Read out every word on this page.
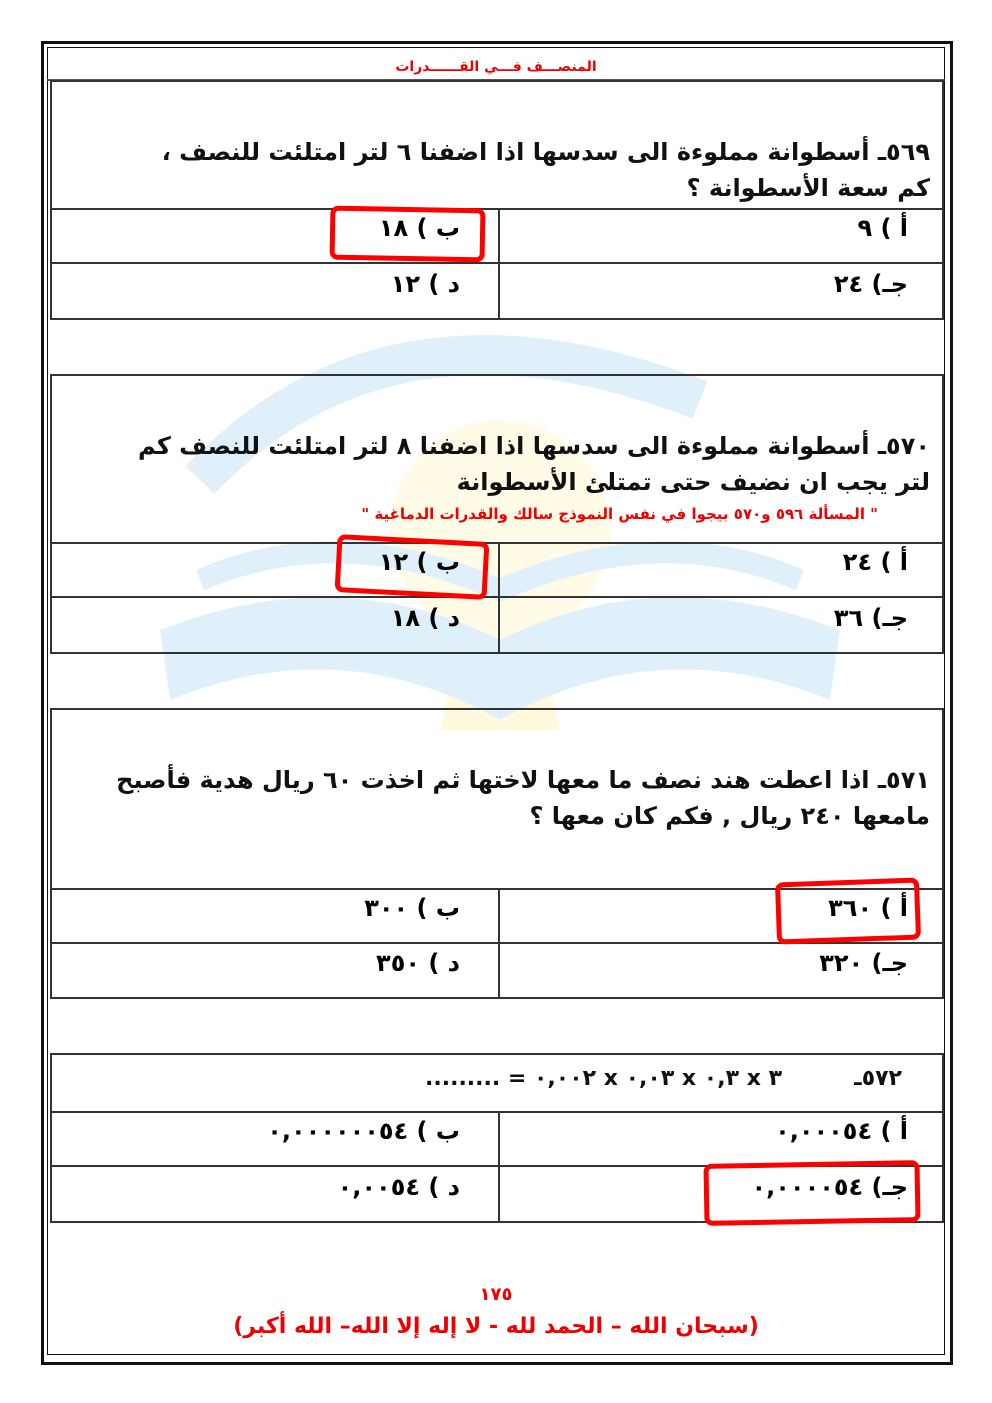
المنصـــف فـــي القــــــدرات
٥٦٩ـ أسطوانة مملوءة الى سدسها اذا اضفنا ٦ لتر امتلئت للنصف ، كم سعة الأسطوانة ؟
أ ) ٩
ب ) ١٨
جـ) ٢٤
د ) ١٢
٥٧٠ـ أسطوانة مملوءة الى سدسها اذا اضفنا ٨ لتر امتلئت للنصف كم لتر يجب ان نضيف حتى تمتلئ الأسطوانة
" المسألة ٥٩٦ و٥٧٠ بيجوا في نفس النموذج سالك والقدرات الدماغية "
أ ) ٢٤
ب ) ١٢
جـ) ٣٦
د ) ١٨
٥٧١ـ اذا اعطت هند نصف ما معها لاختها ثم اخذت ٦٠ ريال هدية فأصبح مامعها ٢٤٠ ريال , فكم كان معها ؟
أ ) ٣٦٠
ب ) ٣٠٠
جـ) ٣٢٠
د ) ٣٥٠
٥٧٢ـ
٣ x ٠,٣ x ٠,٠٣ x ٠,٠٠٢ = .........
أ ) ٠,٠٠٠٥٤
ب ) ٠,٠٠٠٠٠٠٥٤
جـ) ٠,٠٠٠٠٥٤
د ) ٠,٠٠٥٤
١٧٥
(سبحان الله – الحمد لله - لا إله إلا الله– الله أكبر)
